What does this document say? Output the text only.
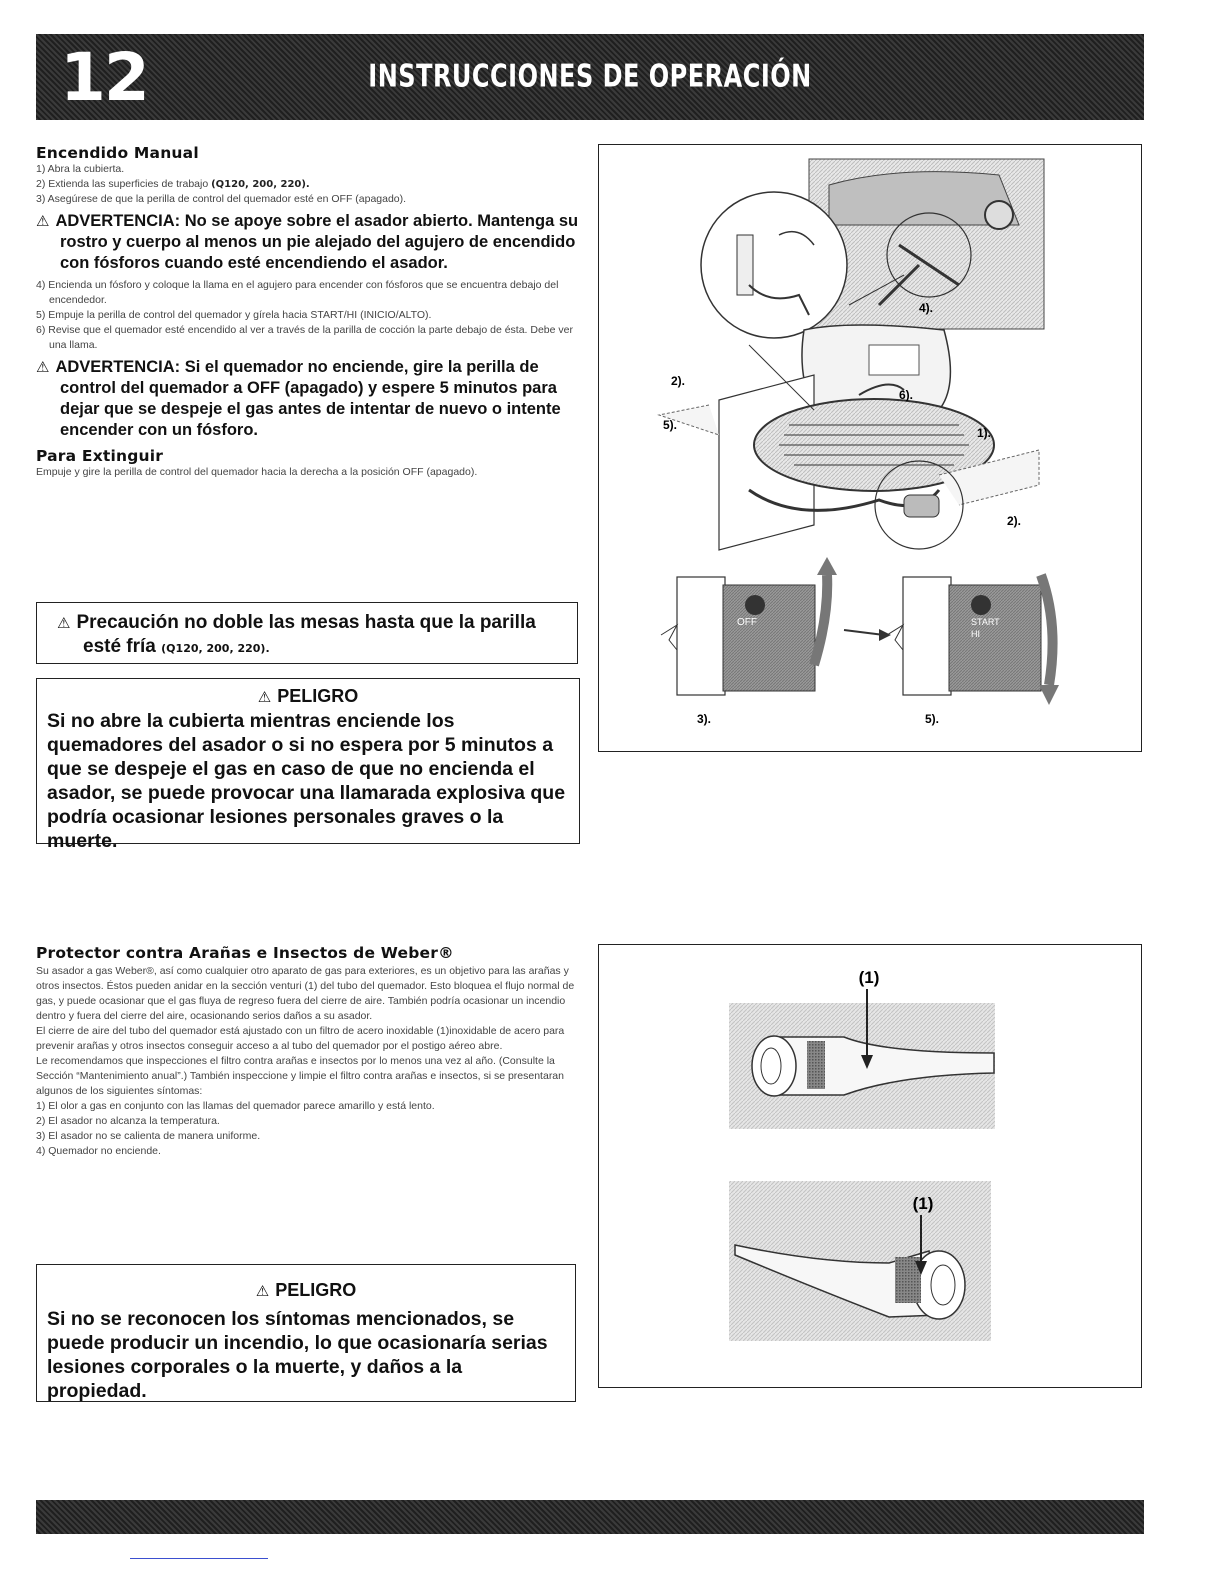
12	INSTRUCCIONES DE OPERACIÓN
Encendido Manual

1) Abra la cubierta.

2) Extienda las superficies de trabajo (Q120, 200, 220).

3) Asegúrese de que la perilla de control del quemador esté en OFF (apagado).

⚠ ADVERTENCIA: No se apoye sobre el asador abierto. Mantenga su rostro y cuerpo al menos un pie alejado del agujero de encendido con fósforos cuando esté encendiendo el asador.

4) Encienda un fósforo y coloque la llama en el agujero para encender con fósforos que se encuentra debajo del encendedor.

5) Empuje la perilla de control del quemador y gírela hacia START/HI (INICIO/ALTO).

6) Revise que el quemador esté encendido al ver a través de la parilla de cocción la parte debajo de ésta. Debe ver una llama.

⚠ ADVERTENCIA: Si el quemador no enciende, gire la perilla de control del quemador a OFF (apagado) y espere 5 minutos para dejar que se despeje el gas antes de intentar de nuevo o intente encender con un fósforo.

Para Extinguir

Empuje y gire la perilla de control del quemador hacia la derecha a la posición OFF (apagado).

⚠ Precaución no doble las mesas hasta que la parilla esté fría (Q120, 200, 220).
⚠ PELIGRO
Si no abre la cubierta mientras enciende los quemadores del asador o si no espera por 5 minutos a que se despeje el gas en caso de que no encienda el asador, se puede provocar una llamarada explosiva que podría ocasionar lesiones personales graves o la muerte.
Protector contra Arañas e Insectos de Weber®

Su asador a gas Weber®, así como cualquier otro aparato de gas para exteriores, es un objetivo para las arañas y otros insectos. Éstos pueden anidar en la sección venturi (1) del tubo del quemador. Esto bloquea el flujo normal de gas, y puede ocasionar que el gas fluya de regreso fuera del cierre de aire. También podría ocasionar un incendio dentro y fuera del cierre del aire, ocasionando serios daños a su asador.

El cierre de aire del tubo del quemador está ajustado con un filtro de acero inoxidable (1)inoxidable de acero para prevenir arañas y otros insectos conseguir acceso a al tubo del quemador por el postigo aéreo abre.

Le recomendamos que inspecciones el filtro contra arañas e insectos por lo menos una vez al año. (Consulte la Sección “Mantenimiento anual”.) También inspeccione y limpie el filtro contra arañas e insectos, si se presentaran algunos de los siguientes síntomas:

1) El olor a gas en conjunto con las llamas del quemador parece amarillo y está lento.

2) El asador no alcanza la temperatura.

3) El asador no se calienta de manera uniforme.

4) Quemador no enciende.

⚠ PELIGRO
Si no se reconocen los síntomas mencionados, se puede producir un incendio, lo que ocasionaría serias lesiones corporales o la muerte, y daños a la propiedad.
4).
2).
6).
5).
1).
2).
OFF	START
HI
3).	5).
(1)
(1)
